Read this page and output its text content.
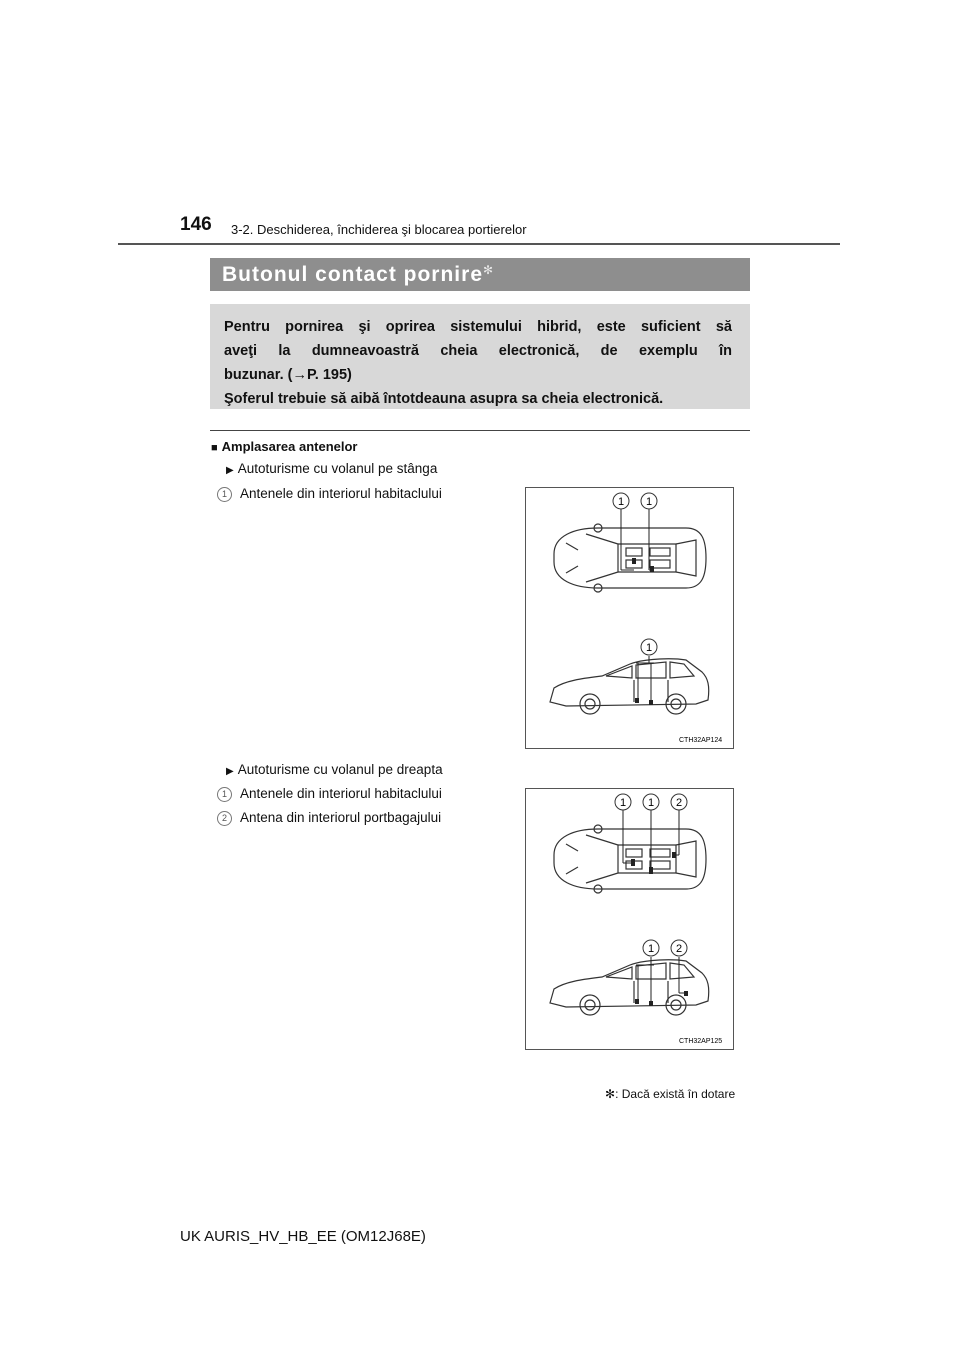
146 3-2. Deschiderea, închiderea şi blocarea portierelor
Butonul contact pornire✻
Pentru pornirea şi oprirea sistemului hibrid, este suficient să
aveţi la dumneavoastră cheia electronică, de exemplu în
buzunar. (→P. 195)
Şoferul trebuie să aibă întotdeauna asupra sa cheia electronică.
■ Amplasarea antenelor
▶ Autoturisme cu volanul pe stânga
1 Antenele din interiorul habitaclului
1 1
1
CTH32AP124
▶ Autoturisme cu volanul pe dreapta
1 Antenele din interiorul habitaclului
2 Antena din interiorul portbagajului
1 1 2
1 2
CTH32AP125
✻: Dacă există în dotare
UK AURIS_HV_HB_EE (OM12J68E)
